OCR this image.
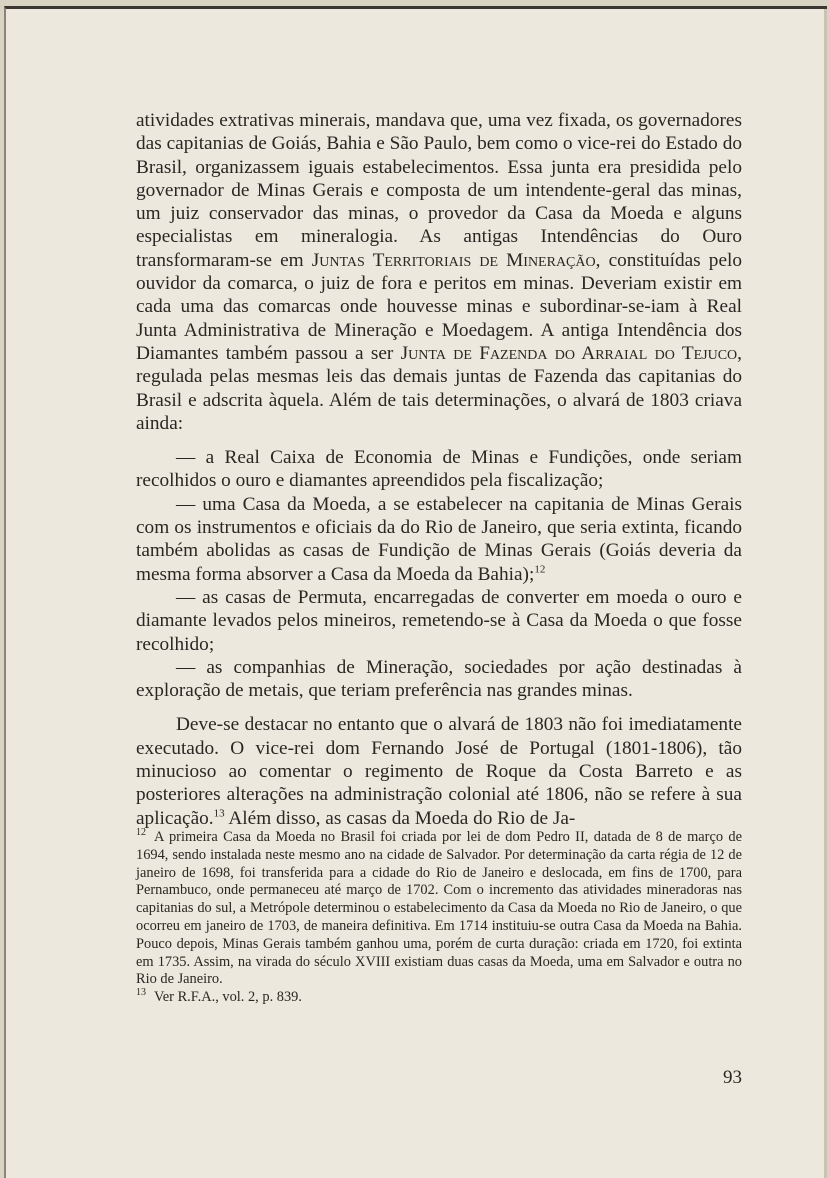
atividades extrativas minerais, mandava que, uma vez fixada, os governadores das capitanias de Goiás, Bahia e São Paulo, bem como o vice-rei do Estado do Brasil, organizassem iguais estabelecimentos. Essa junta era presidida pelo governador de Minas Gerais e composta de um intendente-geral das minas, um juiz conservador das minas, o provedor da Casa da Moeda e alguns especialistas em mineralogia. As antigas Intendências do Ouro transformaram-se em Juntas Territoriais de Mineração, constituídas pelo ouvidor da comarca, o juiz de fora e peritos em minas. Deveriam existir em cada uma das comarcas onde houvesse minas e subordinar-se-iam à Real Junta Administrativa de Mineração e Moedagem. A antiga Intendência dos Diamantes também passou a ser Junta de Fazenda do Arraial do Tejuco, regulada pelas mesmas leis das demais juntas de Fazenda das capitanias do Brasil e adscrita àquela. Além de tais determinações, o alvará de 1803 criava ainda:

— a Real Caixa de Economia de Minas e Fundições, onde seriam recolhidos o ouro e diamantes apreendidos pela fiscalização;

— uma Casa da Moeda, a se estabelecer na capitania de Minas Gerais com os instrumentos e oficiais da do Rio de Janeiro, que seria extinta, ficando também abolidas as casas de Fundição de Minas Gerais (Goiás deveria da mesma forma absorver a Casa da Moeda da Bahia);$^{12}$

— as casas de Permuta, encarregadas de converter em moeda o ouro e diamante levados pelos mineiros, remetendo-se à Casa da Moeda o que fosse recolhido;

— as companhias de Mineração, sociedades por ação destinadas à exploração de metais, que teriam preferência nas grandes minas.

Deve-se destacar no entanto que o alvará de 1803 não foi imediatamente executado. O vice-rei dom Fernando José de Portugal (1801-1806), tão minucioso ao comentar o regimento de Roque da Costa Barreto e as posteriores alterações na administração colonial até 1806, não se refere à sua aplicação.$^{13}$ Além disso, as casas da Moeda do Rio de Ja-

$^{12}$ A primeira Casa da Moeda no Brasil foi criada por lei de dom Pedro II, datada de 8 de março de 1694, sendo instalada neste mesmo ano na cidade de Salvador. Por determinação da carta régia de 12 de janeiro de 1698, foi transferida para a cidade do Rio de Janeiro e deslocada, em fins de 1700, para Pernambuco, onde permaneceu até março de 1702. Com o incremento das atividades mineradoras nas capitanias do sul, a Metrópole determinou o estabelecimento da Casa da Moeda no Rio de Janeiro, o que ocorreu em janeiro de 1703, de maneira definitiva. Em 1714 instituiu-se outra Casa da Moeda na Bahia. Pouco depois, Minas Gerais também ganhou uma, porém de curta duração: criada em 1720, foi extinta em 1735. Assim, na virada do século XVIII existiam duas casas da Moeda, uma em Salvador e outra no Rio de Janeiro.

$^{13}$ Ver R.F.A., vol. 2, p. 839.

93
